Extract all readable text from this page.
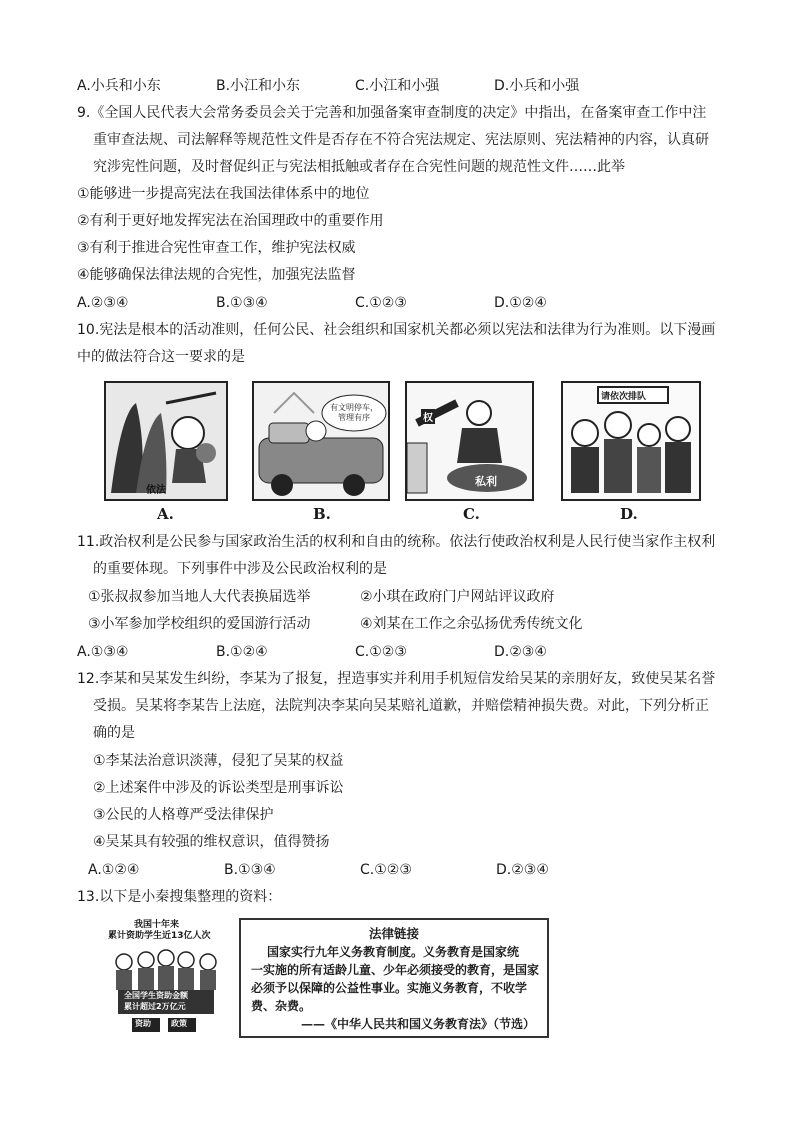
A.小兵和小东	B.小江和小东	C.小江和小强	D.小兵和小强
9.《全国人民代表大会常务委员会关于完善和加强备案审查制度的决定》中指出，在备案审查工作中注
重审查法规、司法解释等规范性文件是否存在不符合宪法规定、宪法原则、宪法精神的内容，认真研
究涉宪性问题，及时督促纠正与宪法相抵触或者存在合宪性问题的规范性文件……此举
①能够进一步提高宪法在我国法律体系中的地位
②有利于更好地发挥宪法在治国理政中的重要作用
③有利于推进合宪性审查工作，维护宪法权威
④能够确保法律法规的合宪性，加强宪法监督
A.②③④	B.①③④	C.①②③	D.①②④
10.宪法是根本的活动准则，任何公民、社会组织和国家机关都必须以宪法和法律为行为准则。以下漫画
中的做法符合这一要求的是
依法
A.
有文明停车，管理有序
B.
权
私利
C.
请依次排队
D.
11.政治权利是公民参与国家政治生活的权利和自由的统称。依法行使政治权利是人民行使当家作主权利
的重要体现。下列事件中涉及公民政治权利的是
①张叔叔参加当地人大代表换届选举	②小琪在政府门户网站评议政府
③小军参加学校组织的爱国游行活动	④刘某在工作之余弘扬优秀传统文化
A.①③④	B.①②④	C.①②③	D.②③④
12.李某和吴某发生纠纷，李某为了报复，捏造事实并利用手机短信发给吴某的亲朋好友，致使吴某名誉
受损。吴某将李某告上法庭，法院判决李某向吴某赔礼道歉，并赔偿精神损失费。对此，下列分析正
确的是
①李某法治意识淡薄，侵犯了吴某的权益
②上述案件中涉及的诉讼类型是刑事诉讼
③公民的人格尊严受法律保护
④吴某具有较强的维权意识，值得赞扬
A.①②④	B.①③④	C.①②③	D.②③④
13.以下是小秦搜集整理的资料：
我国十年来
累计资助学生近13亿人次
全国学生资助金额
累计超过2万亿元
资助	政策
法律链接
国家实行九年义务教育制度。义务教育是国家统
一实施的所有适龄儿童、少年必须接受的教育，是国家
必须予以保障的公益性事业。实施义务教育，不收学
费、杂费。
——《中华人民共和国义务教育法》（节选）
